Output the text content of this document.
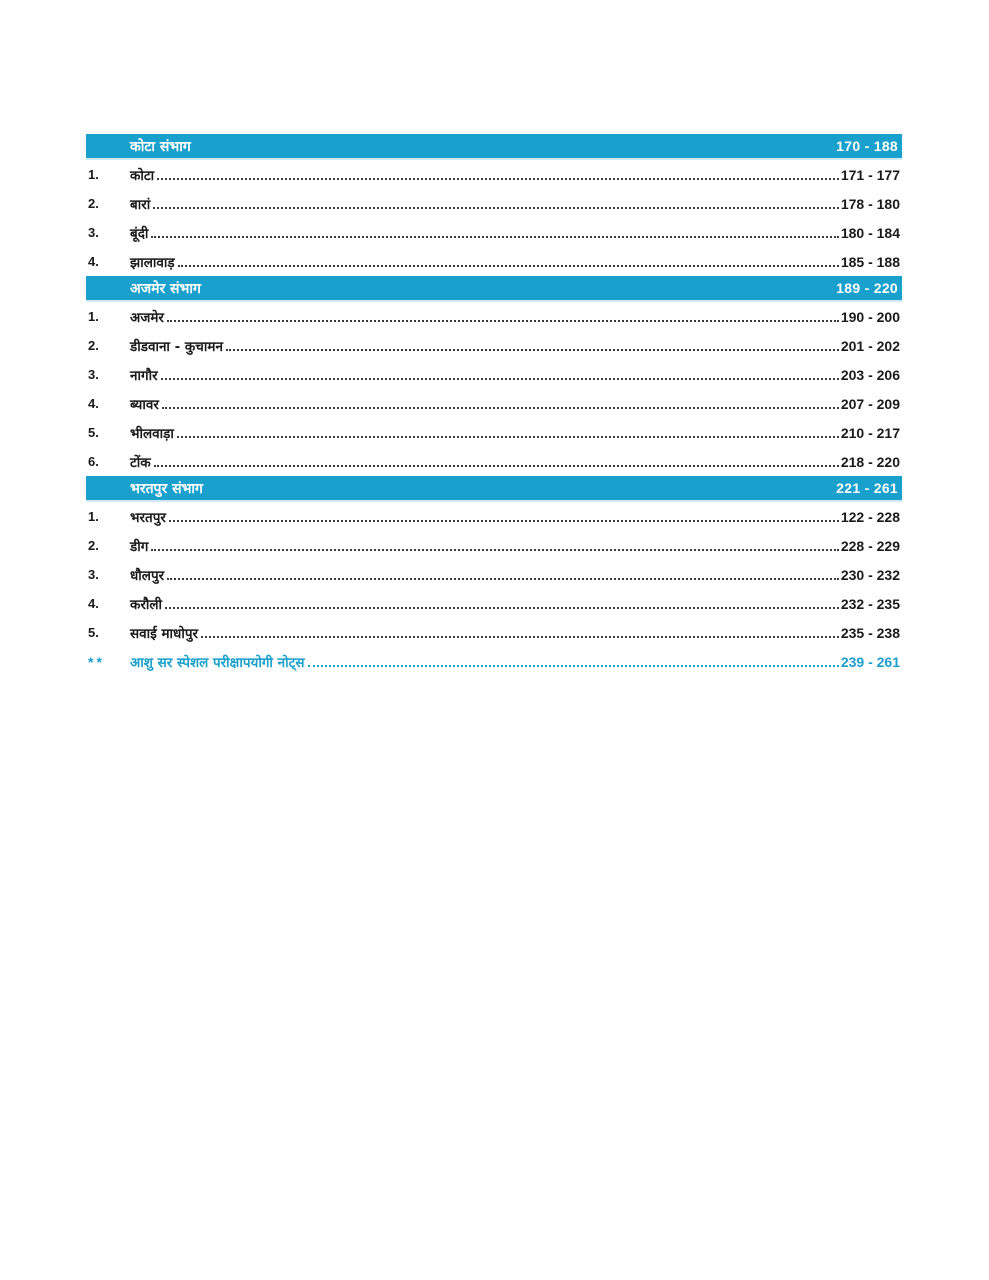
कोटा संभाग	170 - 188
1.	कोटा	171 - 177
2.	बारां	178 - 180
3.	बूंदी	180 - 184
4.	झालावाड़	185 - 188
अजमेर संभाग	189 - 220
1.	अजमेर	190 - 200
2.	डीडवाना - कुचामन	201 - 202
3.	नागौर	203 - 206
4.	ब्यावर	207 - 209
5.	भीलवाड़ा	210 - 217
6.	टोंक	218 - 220
भरतपुर संभाग	221 - 261
1.	भरतपुर	122 - 228
2.	डीग	228 - 229
3.	धौलपुर	230 - 232
4.	करौली	232 - 235
5.	सवाई माधोपुर	235 - 238
**	आशु सर स्पेशल परीक्षापयोगी नोट्स	239 - 261
